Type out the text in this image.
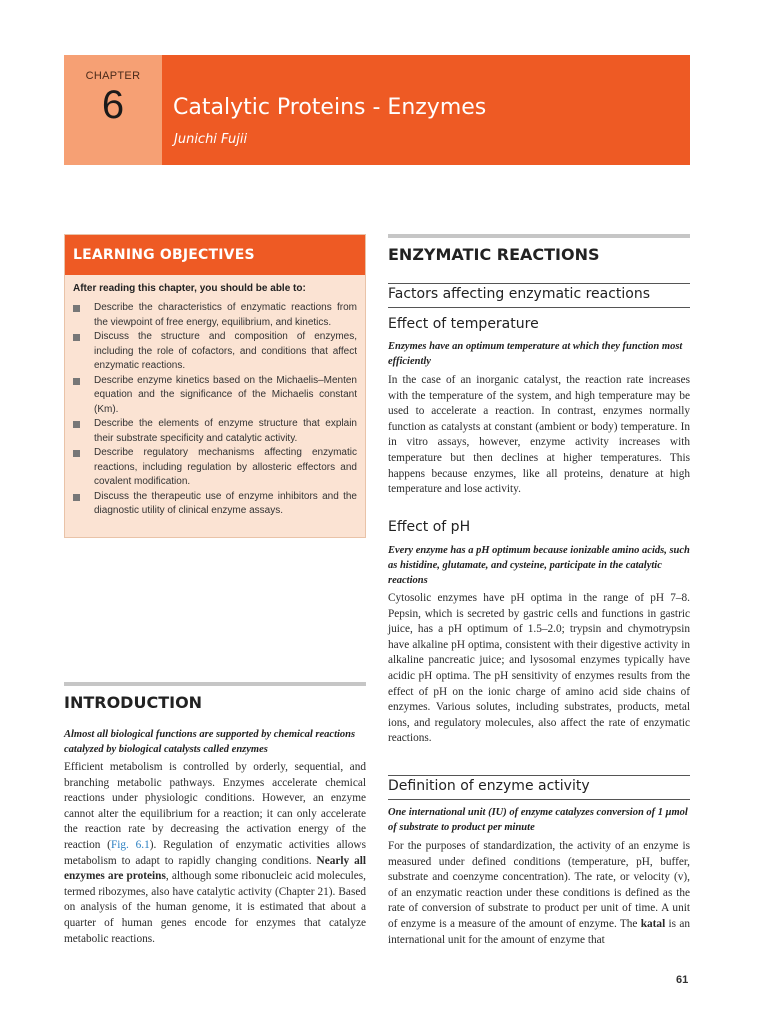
CHAPTER
6	Catalytic Proteins - Enzymes
Junichi Fujii
LEARNING OBJECTIVES
After reading this chapter, you should be able to:
Describe the characteristics of enzymatic reactions from the viewpoint of free energy, equilibrium, and kinetics.
Discuss the structure and composition of enzymes, including the role of cofactors, and conditions that affect enzymatic reactions.
Describe enzyme kinetics based on the Michaelis–Menten equation and the significance of the Michaelis constant (Km).
Describe the elements of enzyme structure that explain their substrate specificity and catalytic activity.
Describe regulatory mechanisms affecting enzymatic reactions, including regulation by allosteric effectors and covalent modification.
Discuss the therapeutic use of enzyme inhibitors and the diagnostic utility of clinical enzyme assays.
INTRODUCTION
Almost all biological functions are supported by chemical reactions catalyzed by biological catalysts called enzymes
Efficient metabolism is controlled by orderly, sequential, and branching metabolic pathways. Enzymes accelerate chemical reactions under physiologic conditions. However, an enzyme cannot alter the equilibrium for a reaction; it can only accelerate the reaction rate by decreasing the activation energy of the reaction (Fig. 6.1). Regulation of enzymatic activities allows metabolism to adapt to rapidly changing conditions. Nearly all enzymes are proteins, although some ribonucleic acid molecules, termed ribozymes, also have catalytic activity (Chapter 21). Based on analysis of the human genome, it is estimated that about a quarter of human genes encode for enzymes that catalyze metabolic reactions.
ENZYMATIC REACTIONS
Factors affecting enzymatic reactions
Effect of temperature
Enzymes have an optimum temperature at which they function most efficiently
In the case of an inorganic catalyst, the reaction rate increases with the temperature of the system, and high temperature may be used to accelerate a reaction. In contrast, enzymes normally function as catalysts at constant (ambient or body) temperature. In in vitro assays, however, enzyme activity increases with temperature but then declines at higher temperatures. This happens because enzymes, like all proteins, denature at high temperature and lose activity.
Effect of pH
Every enzyme has a pH optimum because ionizable amino acids, such as histidine, glutamate, and cysteine, participate in the catalytic reactions
Cytosolic enzymes have pH optima in the range of pH 7–8. Pepsin, which is secreted by gastric cells and functions in gastric juice, has a pH optimum of 1.5–2.0; trypsin and chymotrypsin have alkaline pH optima, consistent with their digestive activity in alkaline pancreatic juice; and lysosomal enzymes typically have acidic pH optima. The pH sensitivity of enzymes results from the effect of pH on the ionic charge of amino acid side chains of enzymes. Various solutes, including substrates, products, metal ions, and regulatory molecules, also affect the rate of enzymatic reactions.
Definition of enzyme activity
One international unit (IU) of enzyme catalyzes conversion of 1 μmol of substrate to product per minute
For the purposes of standardization, the activity of an enzyme is measured under defined conditions (temperature, pH, buffer, substrate and coenzyme concentration). The rate, or velocity (v), of an enzymatic reaction under these conditions is defined as the rate of conversion of substrate to product per unit of time. A unit of enzyme is a measure of the amount of enzyme. The katal is an international unit for the amount of enzyme that
61
